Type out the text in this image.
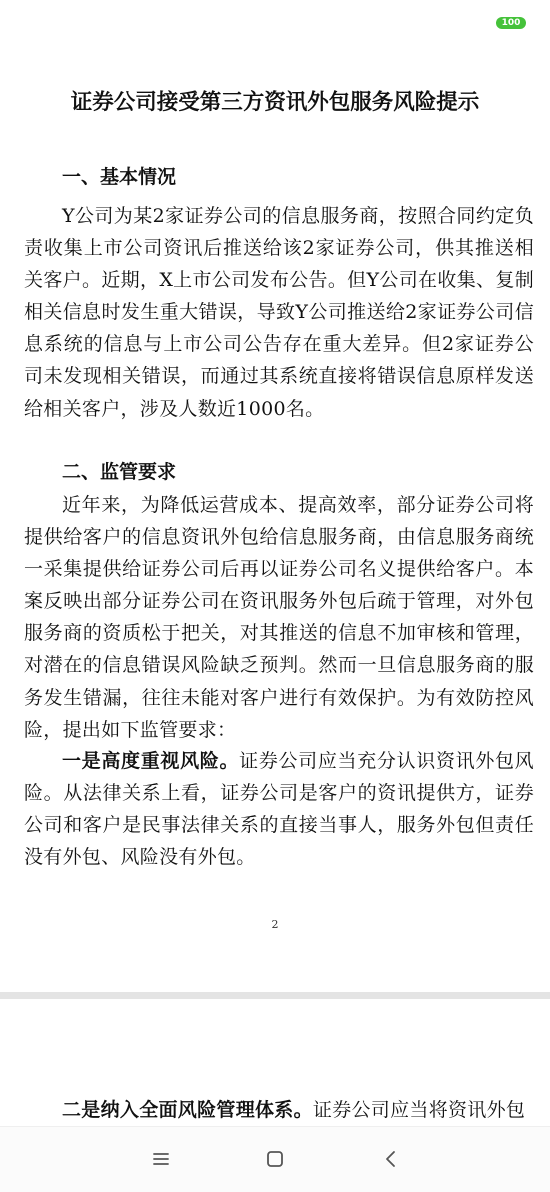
100
证券公司接受第三方资讯外包服务风险提示
一、基本情况

Y公司为某2家证券公司的信息服务商，按照合同约定负责收集上市公司资讯后推送给该2家证券公司，供其推送相关客户。近期，X上市公司发布公告。但Y公司在收集、复制相关信息时发生重大错误，导致Y公司推送给2家证券公司信息系统的信息与上市公司公告存在重大差异。但2家证券公司未发现相关错误，而通过其系统直接将错误信息原样发送给相关客户，涉及人数近1000名。

二、监管要求

近年来，为降低运营成本、提高效率，部分证券公司将提供给客户的信息资讯外包给信息服务商，由信息服务商统一采集提供给证券公司后再以证券公司名义提供给客户。本案反映出部分证券公司在资讯服务外包后疏于管理，对外包服务商的资质松于把关，对其推送的信息不加审核和管理，对潜在的信息错误风险缺乏预判。然而一旦信息服务商的服务发生错漏，往往未能对客户进行有效保护。为有效防控风险，提出如下监管要求：

一是高度重视风险。证券公司应当充分认识资讯外包风险。从法律关系上看，证券公司是客户的资讯提供方，证券公司和客户是民事法律关系的直接当事人，服务外包但责任没有外包、风险没有外包。

2

二是纳入全面风险管理体系。证券公司应当将资讯外包
